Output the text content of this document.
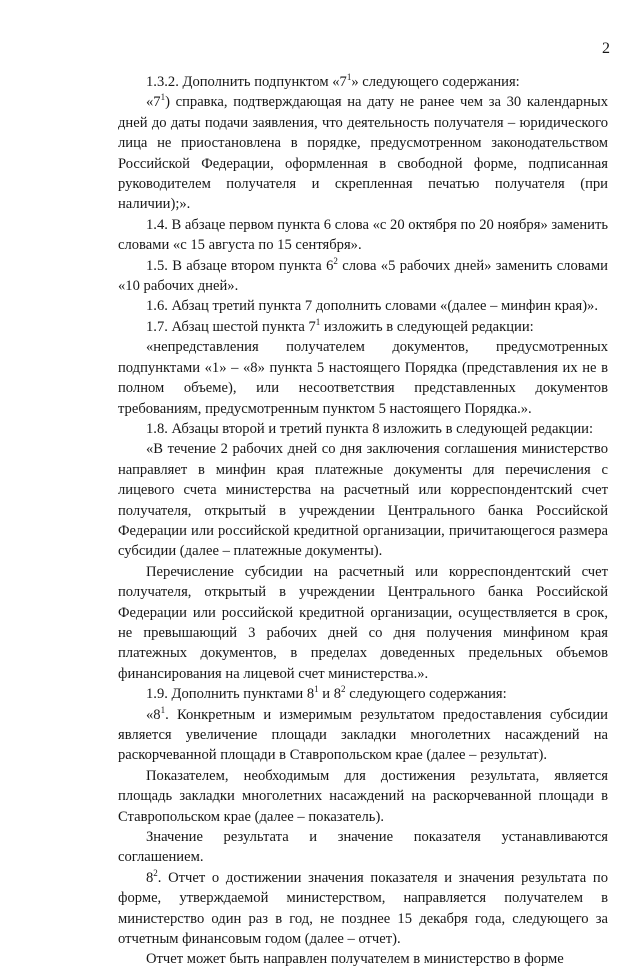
2

1.3.2. Дополнить подпунктом «$7^1$» следующего содержания:

«$7^1$) справка, подтверждающая на дату не ранее чем за 30 календарных дней до даты подачи заявления, что деятельность получателя – юридического лица не приостановлена в порядке, предусмотренном законодательством Российской Федерации, оформленная в свободной форме, подписанная руководителем получателя и скрепленная печатью получателя (при наличии);».

1.4. В абзаце первом пункта 6 слова «с 20 октября по 20 ноября» заменить словами «с 15 августа по 15 сентября».

1.5. В абзаце втором пункта $6^2$ слова «5 рабочих дней» заменить словами «10 рабочих дней».

1.6. Абзац третий пункта 7 дополнить словами «(далее – минфин края)».

1.7. Абзац шестой пункта $7^1$ изложить в следующей редакции:

«непредставления получателем документов, предусмотренных подпунктами «1» – «8» пункта 5 настоящего Порядка (представления их не в полном объеме), или несоответствия представленных документов требованиям, предусмотренным пунктом 5 настоящего Порядка.».

1.8. Абзацы второй и третий пункта 8 изложить в следующей редакции:

«В течение 2 рабочих дней со дня заключения соглашения министерство направляет в минфин края платежные документы для перечисления с лицевого счета министерства на расчетный или корреспондентский счет получателя, открытый в учреждении Центрального банка Российской Федерации или российской кредитной организации, причитающегося размера субсидии (далее – платежные документы).

Перечисление субсидии на расчетный или корреспондентский счет получателя, открытый в учреждении Центрального банка Российской Федерации или российской кредитной организации, осуществляется в срок, не превышающий 3 рабочих дней со дня получения минфином края платежных документов, в пределах доведенных предельных объемов финансирования на лицевой счет министерства.».

1.9. Дополнить пунктами $8^1$ и $8^2$ следующего содержания:

«$8^1$. Конкретным и измеримым результатом предоставления субсидии является увеличение площади закладки многолетних насаждений на раскорчеванной площади в Ставропольском крае (далее – результат).

Показателем, необходимым для достижения результата, является площадь закладки многолетних насаждений на раскорчеванной площади в Ставропольском крае (далее – показатель).

Значение результата и значение показателя устанавливаются соглашением.

$8^2$. Отчет о достижении значения показателя и значения результата по форме, утверждаемой министерством, направляется получателем в министерство один раз в год, не позднее 15 декабря года, следующего за отчетным финансовым годом (далее – отчет).

Отчет может быть направлен получателем в министерство в форме
